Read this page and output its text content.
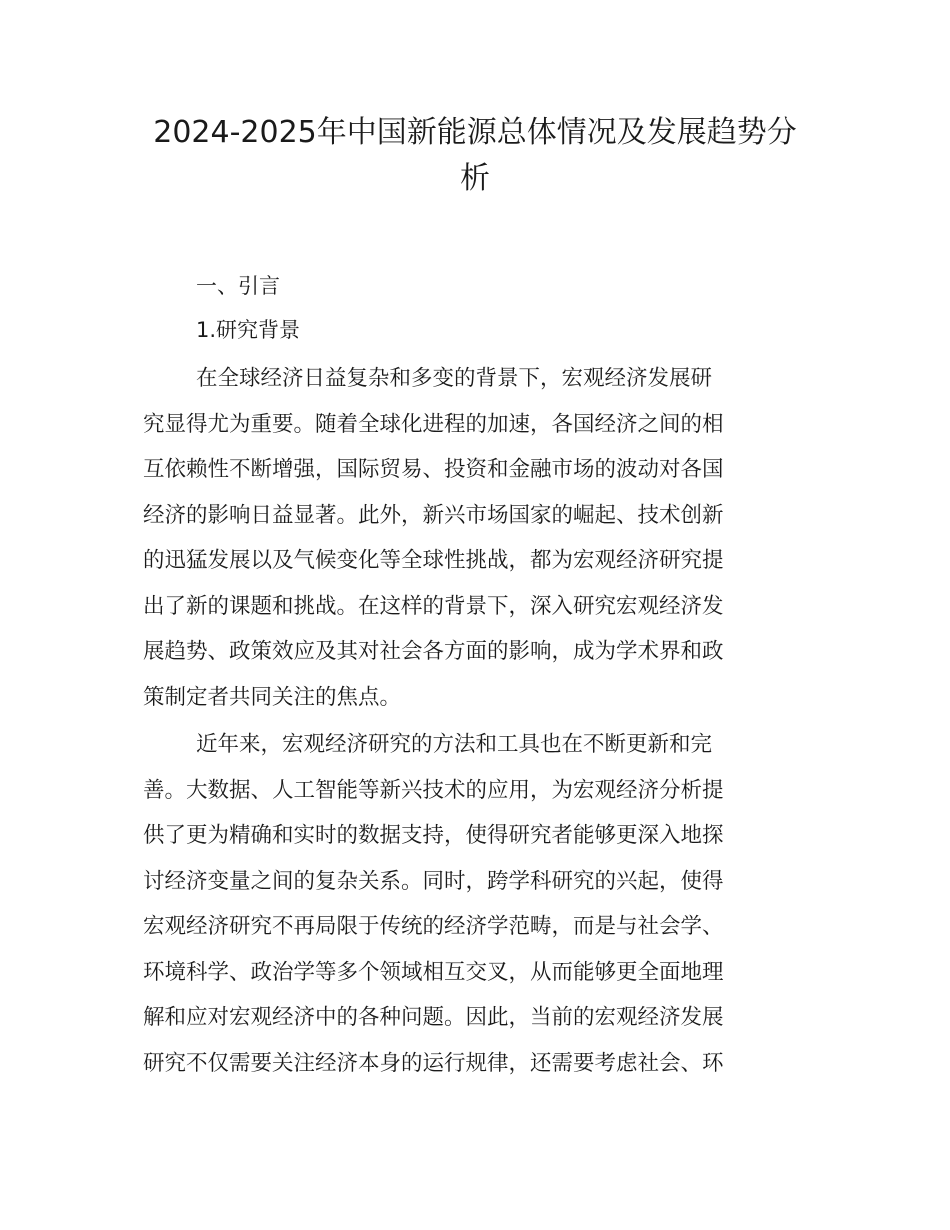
2024-2025年中国新能源总体情况及发展趋势分
析

一、引言

1.研究背景

在全球经济日益复杂和多变的背景下，宏观经济发展研
究显得尤为重要。随着全球化进程的加速，各国经济之间的相
互依赖性不断增强，国际贸易、投资和金融市场的波动对各国
经济的影响日益显著。此外，新兴市场国家的崛起、技术创新
的迅猛发展以及气候变化等全球性挑战，都为宏观经济研究提
出了新的课题和挑战。在这样的背景下，深入研究宏观经济发
展趋势、政策效应及其对社会各方面的影响，成为学术界和政
策制定者共同关注的焦点。

近年来，宏观经济研究的方法和工具也在不断更新和完
善。大数据、人工智能等新兴技术的应用，为宏观经济分析提
供了更为精确和实时的数据支持，使得研究者能够更深入地探
讨经济变量之间的复杂关系。同时，跨学科研究的兴起，使得
宏观经济研究不再局限于传统的经济学范畴，而是与社会学、
环境科学、政治学等多个领域相互交叉，从而能够更全面地理
解和应对宏观经济中的各种问题。因此，当前的宏观经济发展
研究不仅需要关注经济本身的运行规律，还需要考虑社会、环
